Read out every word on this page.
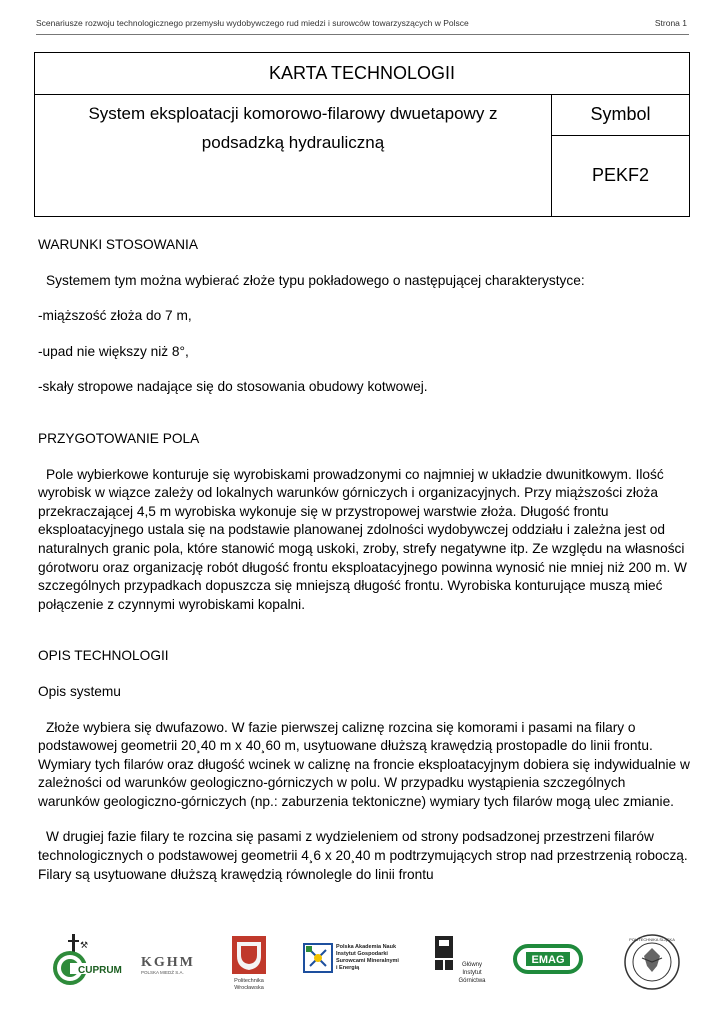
Scenariusze rozwoju technologicznego przemysłu wydobywczego rud miedzi i surowców towarzyszących w Polsce	Strona 1
KARTA TECHNOLOGII
System eksploatacji komorowo-filarowy dwuetapowy z podsadzką hydrauliczną
Symbol
PEKF2

WARUNKI STOSOWANIA

Systemem tym można wybierać złoże typu pokładowego o następującej charakterystyce:

-miąższość złoża do 7 m,

-upad nie większy niż 8°,

-skały stropowe nadające się do stosowania obudowy kotwowej.

PRZYGOTOWANIE POLA

Pole wybierkowe konturuje się wyrobiskami prowadzonymi co najmniej w układzie dwunitkowym. Ilość wyrobisk w wiązce zależy od lokalnych warunków górniczych i organizacyjnych. Przy miąższości złoża przekraczającej 4,5 m wyrobiska wykonuje się w przystropowej warstwie złoża. Długość frontu eksploatacyjnego ustala się na podstawie planowanej zdolności wydobywczej oddziału i zależna jest od naturalnych granic pola, które stanowić mogą uskoki, zroby, strefy negatywne itp. Ze względu na własności górotworu oraz organizację robót długość frontu eksploatacyjnego powinna wynosić nie mniej niż 200 m. W szczególnych przypadkach dopuszcza się mniejszą długość frontu. Wyrobiska konturujące muszą mieć połączenie z czynnymi wyrobiskami kopalni.

OPIS TECHNOLOGII

Opis systemu

Złoże wybiera się dwufazowo. W fazie pierwszej caliznę rozcina się komorami i pasami na filary o podstawowej geometrii 20¸40 m x 40¸60 m, usytuowane dłuższą krawędzią prostopadle do linii frontu. Wymiary tych filarów oraz długość wcinek w caliznę na froncie eksploatacyjnym dobiera się indywidualnie w zależności od warunków geologiczno-górniczych w polu. W przypadku wystąpienia szczególnych warunków geologiczno-górniczych (np.: zaburzenia tektoniczne) wymiary tych filarów mogą ulec zmianie.

W drugiej fazie filary te rozcina się pasami z wydzieleniem od strony podsadzonej przestrzeni filarów technologicznych o podstawowej geometrii 4¸6 x 20¸40 m podtrzymujących strop nad przestrzenią roboczą. Filary są usytuowane dłuższą krawędzią równolegle do linii frontu

⚒
CUPRUM
KGHM
POLSKA MIEDŹ S.A.
Politechnika
Wrocławska
Polska Akademia Nauk
Instytut Gospodarki
Surowcami Mineralnymi
i Energią	Główny
Instytut
Górnictwa
EMAG
POLITECHNIKA ŚLĄSKA
